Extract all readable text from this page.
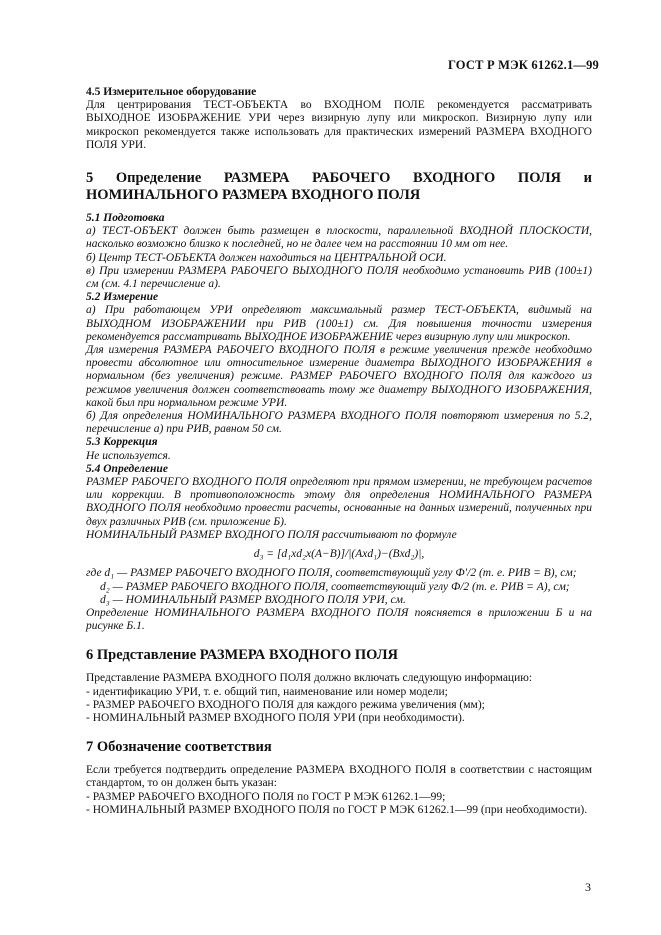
ГОСТ Р МЭК 61262.1—99

4.5 Измерительное оборудование

Для центрирования ТЕСТ-ОБЪЕКТА во ВХОДНОМ ПОЛЕ рекомендуется рассматривать ВЫХОДНОЕ ИЗОБРАЖЕНИЕ УРИ через визирную лупу или микроскоп. Визирную лупу или микроскоп рекомендуется также использовать для практических измерений РАЗМЕРА ВХОДНОГО ПОЛЯ УРИ.

5 Определение РАЗМЕРА РАБОЧЕГО ВХОДНОГО ПОЛЯ и НОМИНАЛЬНОГО РАЗМЕРА ВХОДНОГО ПОЛЯ

5.1 Подготовка

а) ТЕСТ-ОБЪЕКТ должен быть размещен в плоскости, параллельной ВХОДНОЙ ПЛОСКОСТИ, насколько возможно близко к последней, но не далее чем на расстоянии 10 мм от нее.

б) Центр ТЕСТ-ОБЪЕКТА должен находиться на ЦЕНТРАЛЬНОЙ ОСИ.

в) При измерении РАЗМЕРА РАБОЧЕГО ВЫХОДНОГО ПОЛЯ необходимо установить РИВ (100±1) см (см. 4.1 перечисление а).

5.2 Измерение

а) При работающем УРИ определяют максимальный размер ТЕСТ-ОБЪЕКТА, видимый на ВЫХОДНОМ ИЗОБРАЖЕНИИ при РИВ (100±1) см. Для повышения точности измерения рекомендуется рассматривать ВЫХОДНОЕ ИЗОБРАЖЕНИЕ через визирную лупу или микроскоп.

Для измерения РАЗМЕРА РАБОЧЕГО ВХОДНОГО ПОЛЯ в режиме увеличения прежде необходимо провести абсолютное или относительное измерение диаметра ВЫХОДНОГО ИЗОБРАЖЕНИЯ в нормальном (без увеличения) режиме. РАЗМЕР РАБОЧЕГО ВХОДНОГО ПОЛЯ для каждого из режимов увеличения должен соответствовать тому же диаметру ВЫХОДНОГО ИЗОБРАЖЕНИЯ, какой был при нормальном режиме УРИ.

б) Для определения НОМИНАЛЬНОГО РАЗМЕРА ВХОДНОГО ПОЛЯ повторяют измерения по 5.2, перечисление а) при РИВ, равном 50 см.

5.3 Коррекция

Не используется.

5.4 Определение

РАЗМЕР РАБОЧЕГО ВХОДНОГО ПОЛЯ определяют при прямом измерении, не требующем расчетов или коррекции. В противоположность этому для определения НОМИНАЛЬНОГО РАЗМЕРА ВХОДНОГО ПОЛЯ необходимо провести расчеты, основанные на данных измерений, полученных при двух различных РИВ (см. приложение Б).

НОМИНАЛЬНЫЙ РАЗМЕР ВХОДНОГО ПОЛЯ рассчитывают по формуле

d₃ = [d₁xd₂x(A−B)]/|(Axd₁)−(Bxd₂)|,

где d₁ — РАЗМЕР РАБОЧЕГО ВХОДНОГО ПОЛЯ, соответствующий углу Ф′/2 (т. е. РИВ = В), см;

d₂ — РАЗМЕР РАБОЧЕГО ВХОДНОГО ПОЛЯ, соответствующий углу Ф/2 (т. е. РИВ = А), см;

d₃ — НОМИНАЛЬНЫЙ РАЗМЕР ВХОДНОГО ПОЛЯ УРИ, см.

Определение НОМИНАЛЬНОГО РАЗМЕРА ВХОДНОГО ПОЛЯ поясняется в приложении Б и на рисунке Б.1.

6 Представление РАЗМЕРА ВХОДНОГО ПОЛЯ

Представление РАЗМЕРА ВХОДНОГО ПОЛЯ должно включать следующую информацию:

- идентификацию УРИ, т. е. общий тип, наименование или номер модели;
- РАЗМЕР РАБОЧЕГО ВХОДНОГО ПОЛЯ для каждого режима увеличения (мм);
- НОМИНАЛЬНЫЙ РАЗМЕР ВХОДНОГО ПОЛЯ УРИ (при необходимости).

7 Обозначение соответствия

Если требуется подтвердить определение РАЗМЕРА ВХОДНОГО ПОЛЯ в соответствии с настоящим стандартом, то он должен быть указан:

- РАЗМЕР РАБОЧЕГО ВХОДНОГО ПОЛЯ по ГОСТ Р МЭК 61262.1—99;
- НОМИНАЛЬНЫЙ РАЗМЕР ВХОДНОГО ПОЛЯ по ГОСТ Р МЭК 61262.1—99 (при необходимости).
3
